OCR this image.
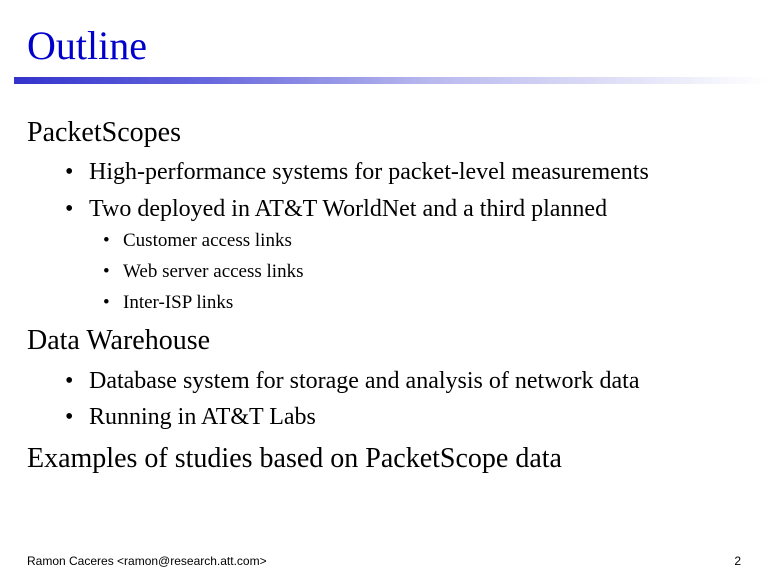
Outline
PacketScopes
• High-performance systems for packet-level measurements
• Two deployed in AT&T WorldNet and a third planned
• Customer access links
• Web server access links
• Inter-ISP links
Data Warehouse
• Database system for storage and analysis of network data
• Running in AT&T Labs
Examples of studies based on PacketScope data
Ramon Caceres <ramon@research.att.com>	2
